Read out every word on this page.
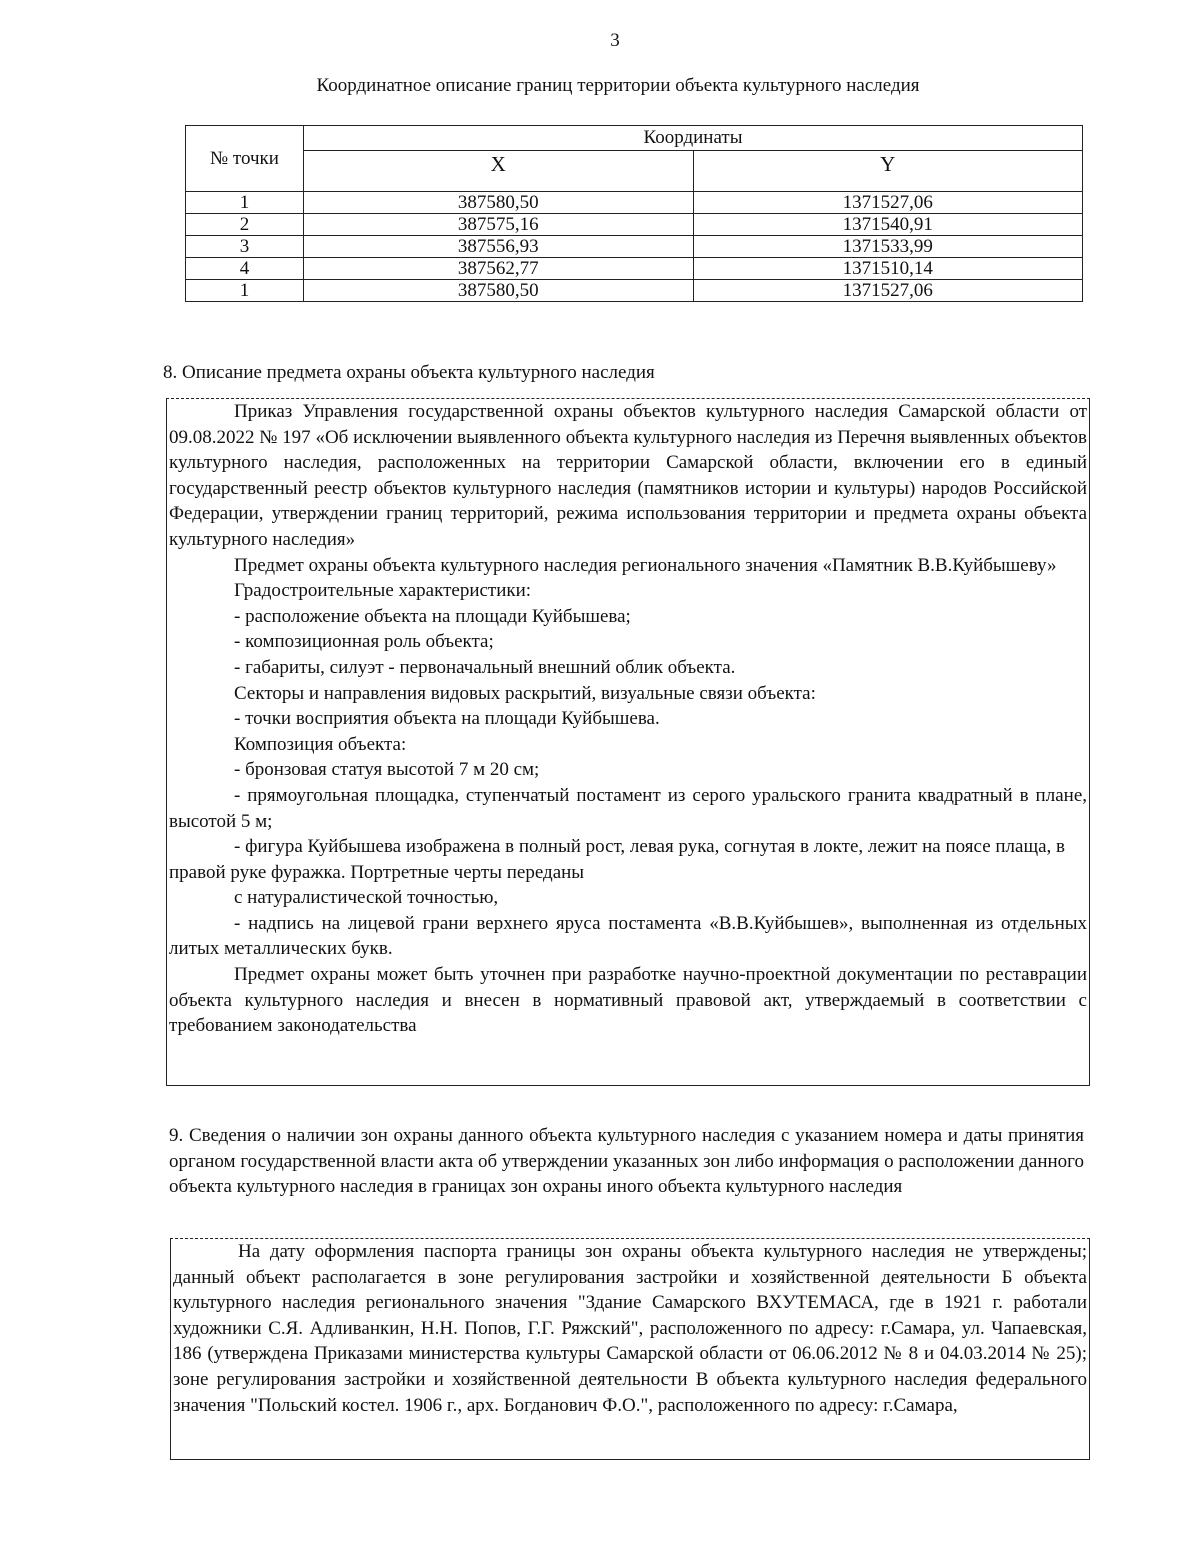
3
Координатное описание границ территории объекта культурного наследия
№ точки	Координаты	
	X	Y
1	387580,50	1371527,06
2	387575,16	1371540,91
3	387556,93	1371533,99
4	387562,77	1371510,14
1	387580,50	1371527,06
8. Описание предмета охраны объекта культурного наследия

Приказ Управления государственной охраны объектов культурного наследия Самарской области от 09.08.2022 № 197 «Об исключении выявленного объекта культурного наследия из Перечня выявленных объектов культурного наследия, расположенных на территории Самарской области, включении его в единый государственный реестр объектов культурного наследия (памятников истории и культуры) народов Российской Федерации, утверждении границ территорий, режима использования территории и предмета охраны объекта культурного наследия»

Предмет охраны объекта культурного наследия регионального значения «Памятник В.В.Куйбышеву»

Градостроительные характеристики:

- расположение объекта на площади Куйбышева;

- композиционная роль объекта;

- габариты, силуэт - первоначальный внешний облик объекта.

Секторы и направления видовых раскрытий, визуальные связи объекта:

- точки восприятия объекта на площади Куйбышева.

Композиция объекта:

- бронзовая статуя высотой 7 м 20 см;

- прямоугольная площадка, ступенчатый постамент из серого уральского гранита квадратный в плане, высотой 5 м;

- фигура Куйбышева изображена в полный рост, левая рука, согнутая в локте, лежит на поясе плаща, в правой руке фуражка. Портретные черты переданы

с натуралистической точностью,

- надпись на лицевой грани верхнего яруса постамента «В.В.Куйбышев», выполненная из отдельных литых металлических букв.

Предмет охраны может быть уточнен при разработке научно-проектной документации по реставрации объекта культурного наследия и внесен в нормативный правовой акт, утверждаемый в соответствии с требованием законодательства

9. Сведения о наличии зон охраны данного объекта культурного наследия с указанием номера и даты принятия органом государственной власти акта об утверждении указанных зон либо информация о расположении данного объекта культурного наследия в границах зон охраны иного объекта культурного наследия

На дату оформления паспорта границы зон охраны объекта культурного наследия не утверждены; данный объект располагается в зоне регулирования застройки и хозяйственной деятельности Б объекта культурного наследия регионального значения "Здание Самарского ВХУТЕМАСА, где в 1921 г. работали художники С.Я. Адливанкин, Н.Н. Попов, Г.Г. Ряжский", расположенного по адресу: г.Самара, ул. Чапаевская, 186 (утверждена Приказами министерства культуры Самарской области от 06.06.2012 № 8 и 04.03.2014 № 25); зоне регулирования застройки и хозяйственной деятельности В объекта культурного наследия федерального значения "Польский костел. 1906 г., арх. Богданович Ф.О.", расположенного по адресу: г.Самара,
